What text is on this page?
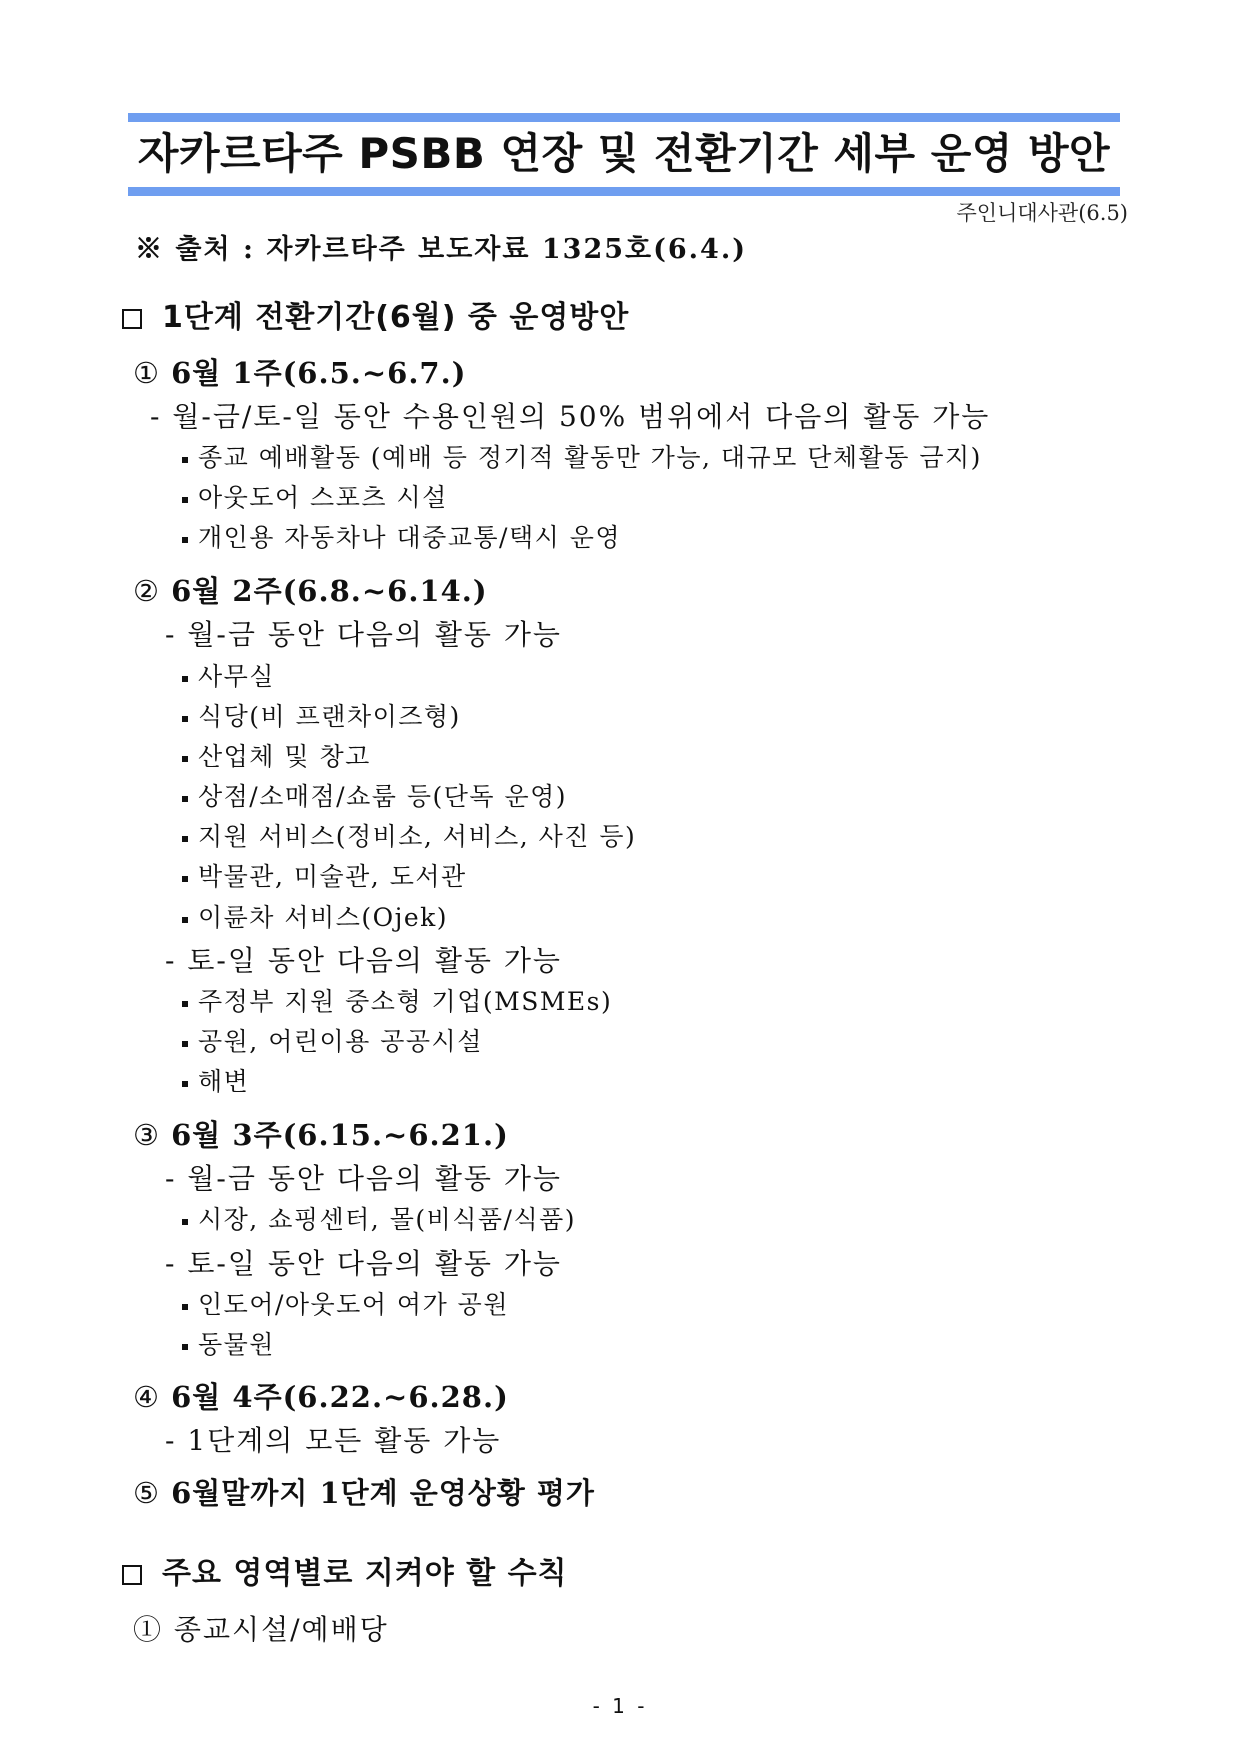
자카르타주 PSBB 연장 및 전환기간 세부 운영 방안
주인니대사관(6.5)
※ 출처 : 자카르타주 보도자료 1325호(6.4.)
1단계 전환기간(6월) 중 운영방안
① 6월 1주(6.5.~6.7.)
- 월-금/토-일 동안 수용인원의 50% 범위에서 다음의 활동 가능
종교 예배활동 (예배 등 정기적 활동만 가능, 대규모 단체활동 금지)
아웃도어 스포츠 시설
개인용 자동차나 대중교통/택시 운영
② 6월 2주(6.8.~6.14.)
- 월-금 동안 다음의 활동 가능
사무실
식당(비 프랜차이즈형)
산업체 및 창고
상점/소매점/쇼룸 등(단독 운영)
지원 서비스(정비소, 서비스, 사진 등)
박물관, 미술관, 도서관
이륜차 서비스(Ojek)
- 토-일 동안 다음의 활동 가능
주정부 지원 중소형 기업(MSMEs)
공원, 어린이용 공공시설
해변
③ 6월 3주(6.15.~6.21.)
- 월-금 동안 다음의 활동 가능
시장, 쇼핑센터, 몰(비식품/식품)
- 토-일 동안 다음의 활동 가능
인도어/아웃도어 여가 공원
동물원
④ 6월 4주(6.22.~6.28.)
- 1단계의 모든 활동 가능
⑤ 6월말까지 1단계 운영상황 평가
주요 영역별로 지켜야 할 수칙
① 종교시설/예배당
- 1 -
